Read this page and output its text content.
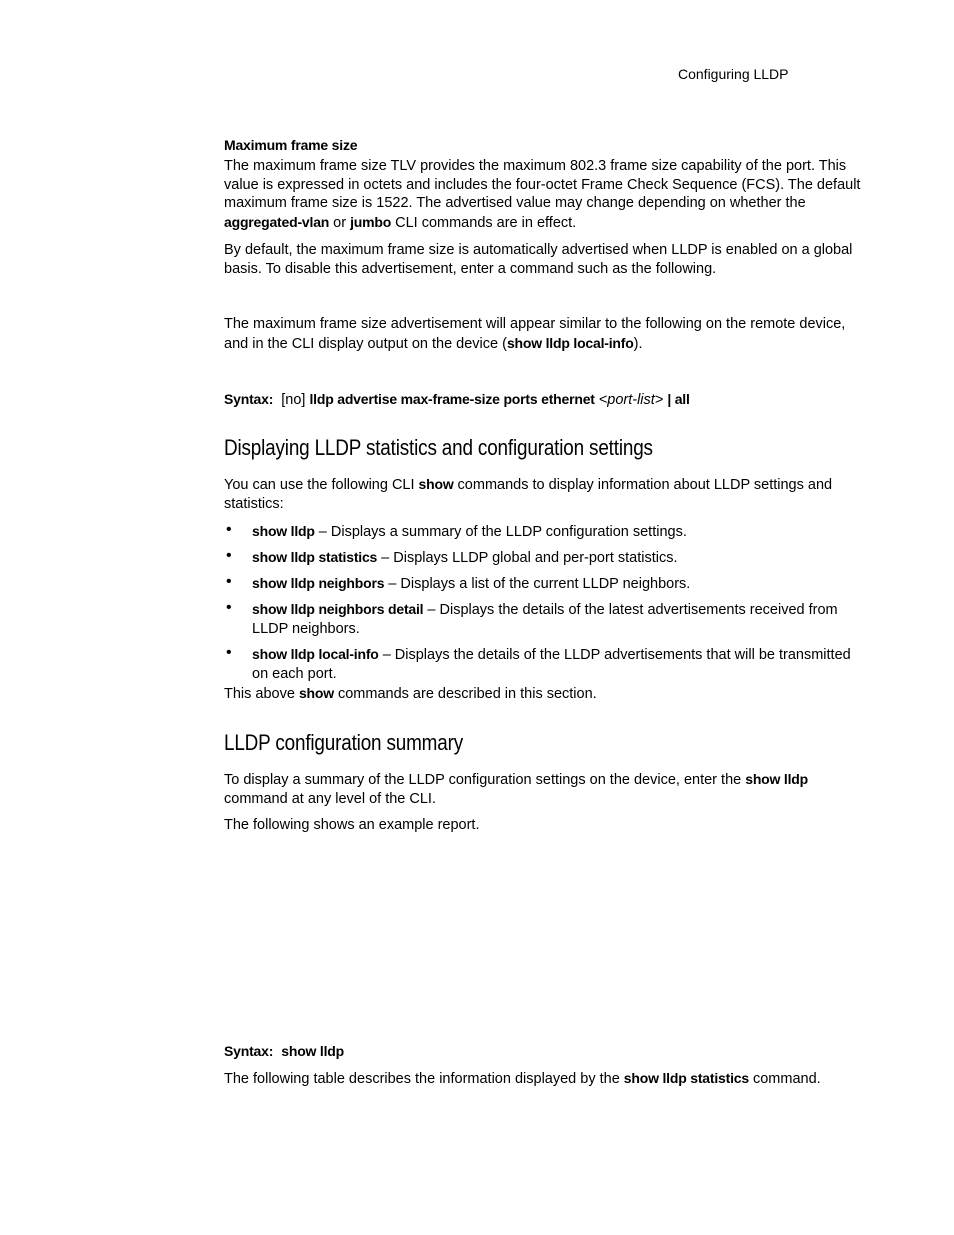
Configuring LLDP

Maximum frame size

The maximum frame size TLV provides the maximum 802.3 frame size capability of the port. This value is expressed in octets and includes the four-octet Frame Check Sequence (FCS). The default maximum frame size is 1522. The advertised value may change depending on whether the aggregated-vlan or jumbo CLI commands are in effect.

By default, the maximum frame size is automatically advertised when LLDP is enabled on a global basis. To disable this advertisement, enter a command such as the following.

The maximum frame size advertisement will appear similar to the following on the remote device, and in the CLI display output on the device (show lldp local-info).

Syntax: [no] lldp advertise max-frame-size ports ethernet <port-list> | all

Displaying LLDP statistics and configuration settings

You can use the following CLI show commands to display information about LLDP settings and statistics:

• show lldp – Displays a summary of the LLDP configuration settings.
• show lldp statistics – Displays LLDP global and per-port statistics.
• show lldp neighbors – Displays a list of the current LLDP neighbors.
• show lldp neighbors detail – Displays the details of the latest advertisements received from LLDP neighbors.
• show lldp local-info – Displays the details of the LLDP advertisements that will be transmitted on each port.

This above show commands are described in this section.

LLDP configuration summary

To display a summary of the LLDP configuration settings on the device, enter the show lldp command at any level of the CLI.

The following shows an example report.

Syntax: show lldp

The following table describes the information displayed by the show lldp statistics command.
